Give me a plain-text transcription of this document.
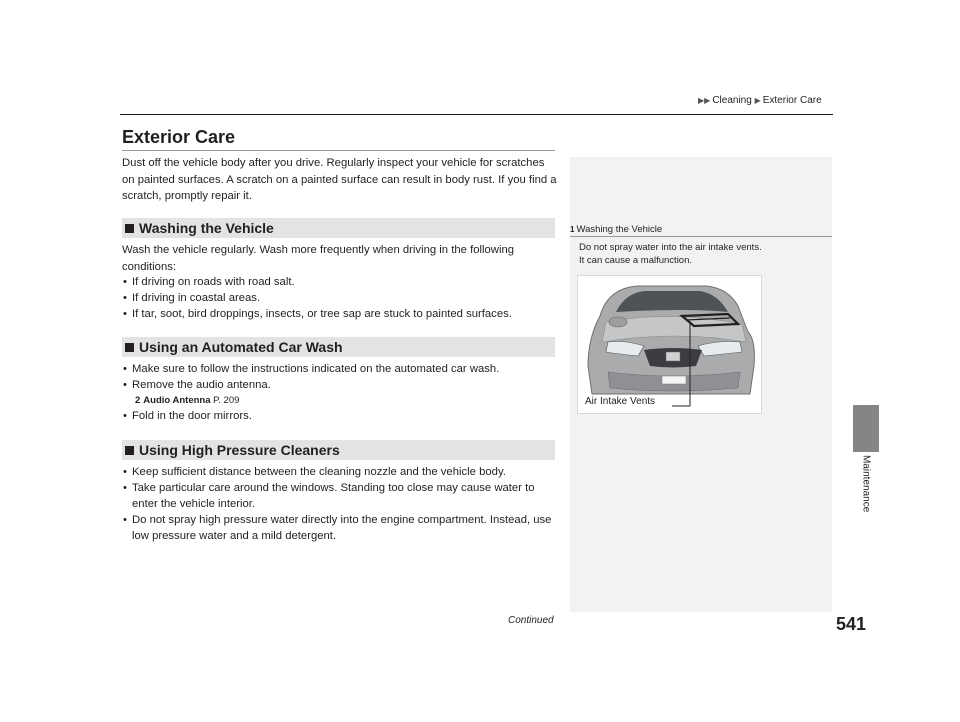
▶▶ Cleaning ▶ Exterior Care
Exterior Care

Dust off the vehicle body after you drive. Regularly inspect your vehicle for scratches on painted surfaces. A scratch on a painted surface can result in body rust. If you find a scratch, promptly repair it.

Washing the Vehicle

Wash the vehicle regularly. Wash more frequently when driving in the following conditions:

• If driving on roads with road salt.
• If driving in coastal areas.
• If tar, soot, bird droppings, insects, or tree sap are stuck to painted surfaces.
Using an Automated Car Wash
• Make sure to follow the instructions indicated on the automated car wash.
• Remove the audio antenna.
2 Audio Antenna P. 209
• Fold in the door mirrors.
Using High Pressure Cleaners
• Keep sufficient distance between the cleaning nozzle and the vehicle body.
• Take particular care around the windows. Standing too close may cause water to enter the vehicle interior.
• Do not spray high pressure water directly into the engine compartment. Instead, use low pressure water and a mild detergent.
1 Washing the Vehicle
Do not spray water into the air intake vents.
It can cause a malfunction.
Air Intake Vents
Maintenance
Continued	541
